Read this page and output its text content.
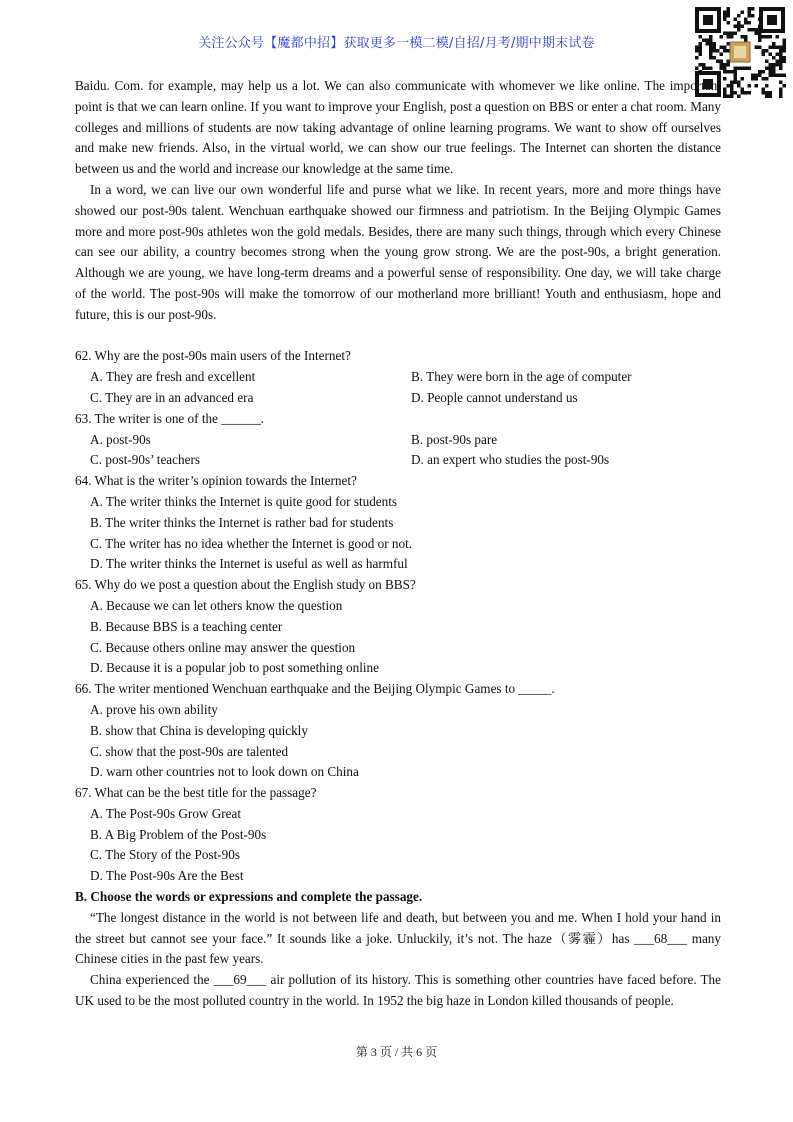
关注公众号【魔都中招】获取更多一模二模/自招/月考/期中期末试卷

Baidu. Com. for example, may help us a lot. We can also communicate with whomever we like online. The important point is that we can learn online. If you want to improve your English, post a question on BBS or enter a chat room. Many colleges and millions of students are now taking advantage of online learning programs. We want to show off ourselves and make new friends. Also, in the virtual world, we can show our true feelings. The Internet can shorten the distance between us and the world and increase our knowledge at the same time.

In a word, we can live our own wonderful life and purse what we like. In recent years, more and more things have showed our post-90s talent. Wenchuan earthquake showed our firmness and patriotism. In the Beijing Olympic Games more and more post-90s athletes won the gold medals. Besides, there are many such things, through which every Chinese can see our ability, a country becomes strong when the young grow strong. We are the post-90s, a bright generation. Although we are young, we have long-term dreams and a powerful sense of responsibility. One day, we will take charge of the world. The post-90s will make the tomorrow of our motherland more brilliant! Youth and enthusiasm, hope and future, this is our post-90s.

62. Why are the post-90s main users of the Internet?

A. They are fresh and excellent	B. They were born in the age of computer

C. They are in an advanced era	D. People cannot understand us

63. The writer is one of the ______.

A. post-90s	B. post-90s pare

C. post-90s’ teachers	D. an expert who studies the post-90s

64. What is the writer’s opinion towards the Internet?

A. The writer thinks the Internet is quite good for students

B. The writer thinks the Internet is rather bad for students

C. The writer has no idea whether the Internet is good or not.

D. The writer thinks the Internet is useful as well as harmful

65. Why do we post a question about the English study on BBS?

A. Because we can let others know the question

B. Because BBS is a teaching center

C. Because others online may answer the question

D. Because it is a popular job to post something online

66. The writer mentioned Wenchuan earthquake and the Beijing Olympic Games to _____.

A. prove his own ability

B. show that China is developing quickly

C. show that the post-90s are talented

D. warn other countries not to look down on China

67. What can be the best title for the passage?

A. The Post-90s Grow Great

B. A Big Problem of the Post-90s

C. The Story of the Post-90s

D. The Post-90s Are the Best

B. Choose the words or expressions and complete the passage.

“The longest distance in the world is not between life and death, but between you and me. When I hold your hand in the street but cannot see your face.” It sounds like a joke. Unluckily, it’s not. The haze（雾霾）has ___68___ many Chinese cities in the past few years.

China experienced the ___69___ air pollution of its history. This is something other countries have faced before. The UK used to be the most polluted country in the world. In 1952 the big haze in London killed thousands of people.

第 3 页 / 共 6 页
